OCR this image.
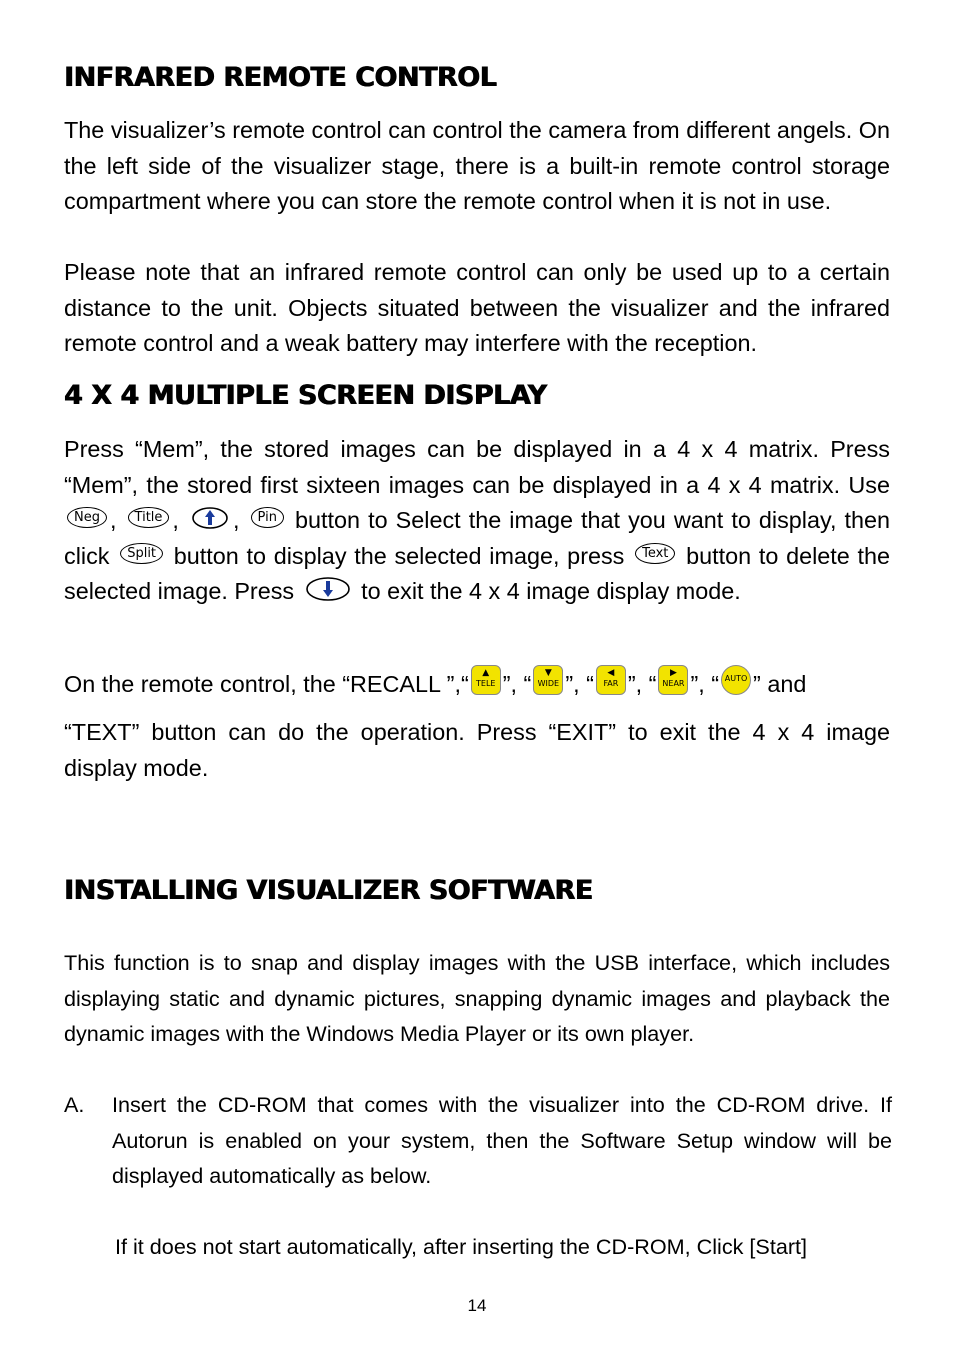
INFRARED REMOTE CONTROL

The visualizer’s remote control can control the camera from different angels. On the left side of the visualizer stage, there is a built-in remote control storage compartment where you can store the remote control when it is not in use.

Please note that an infrared remote control can only be used up to a certain distance to the unit. Objects situated between the visualizer and the infrared remote control and a weak battery may interfere with the reception.

4 X 4 MULTIPLE SCREEN DISPLAY

Press “Mem”, the stored images can be displayed in a 4 x 4 matrix. Press “Mem”, the stored first sixteen images can be displayed in a 4 x 4 matrix. Use Neg , Title , , Pin button to Select the image that you want to display, then click Split button to display the selected image, press Text button to delete the selected image. Press	to exit the 4 x 4 image display mode.

On the remote control, the “RECALL ”,“	▲
TELE ”, “	▼
WIDE ”, “	◀
FAR ”, “	▶
NEAR ”, “ AUTO ” and

“TEXT” button can do the operation. Press “EXIT” to exit the 4 x 4 image display mode.

INSTALLING VISUALIZER SOFTWARE

This function is to snap and display images with the USB interface, which includes displaying static and dynamic pictures, snapping dynamic images and playback the dynamic images with the Windows Media Player or its own player.

A. Insert the CD-ROM that comes with the visualizer into the CD-ROM drive. If Autorun is enabled on your system, then the Software Setup window will be displayed automatically as below.

If it does not start automatically, after inserting the CD-ROM, Click [Start]

14
